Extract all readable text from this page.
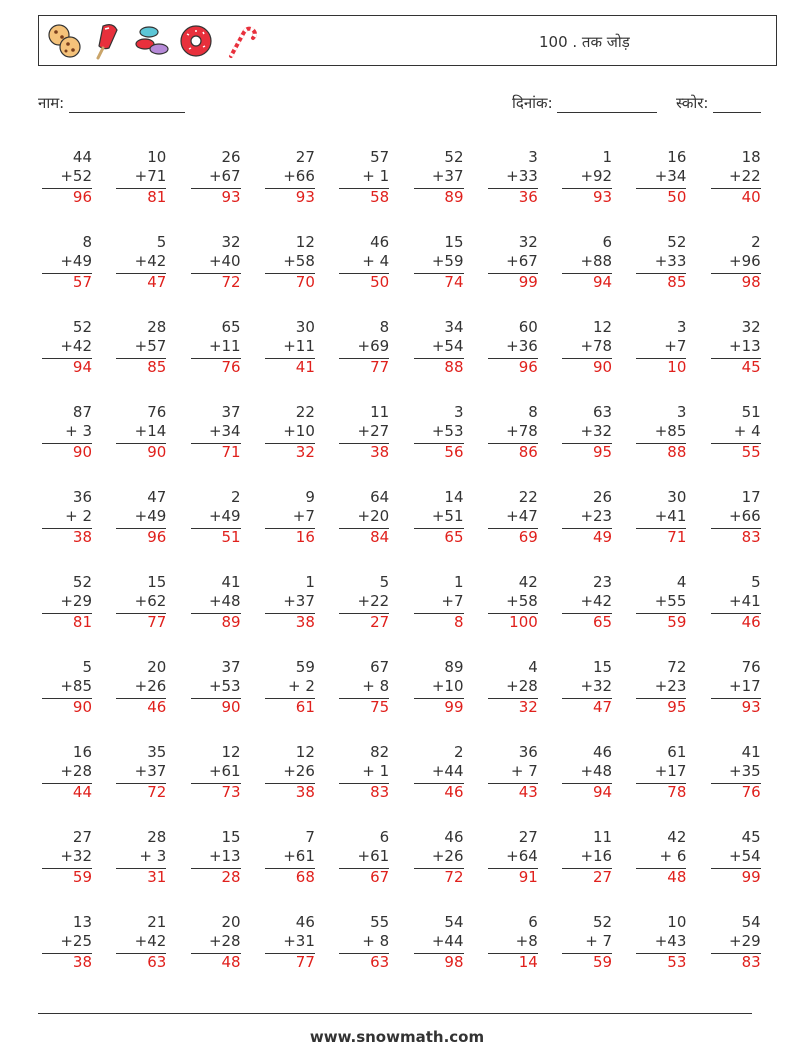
100 . तक जोड़
नाम:	दिनांक:	स्कोर:
44
+52
96
10
+71
81
26
+67
93
27
+66
93
57
+ 1
58
52
+37
89
3
+33
36
1
+92
93
16
+34
50
18
+22
40
8
+49
57
5
+42
47
32
+40
72
12
+58
70
46
+ 4
50
15
+59
74
32
+67
99
6
+88
94
52
+33
85
2
+96
98
52
+42
94
28
+57
85
65
+11
76
30
+11
41
8
+69
77
34
+54
88
60
+36
96
12
+78
90
3
+7
10
32
+13
45
87
+ 3
90
76
+14
90
37
+34
71
22
+10
32
11
+27
38
3
+53
56
8
+78
86
63
+32
95
3
+85
88
51
+ 4
55
36
+ 2
38
47
+49
96
2
+49
51
9
+7
16
64
+20
84
14
+51
65
22
+47
69
26
+23
49
30
+41
71
17
+66
83
52
+29
81
15
+62
77
41
+48
89
1
+37
38
5
+22
27
1
+7
8
42
+58
100
23
+42
65
4
+55
59
5
+41
46
5
+85
90
20
+26
46
37
+53
90
59
+ 2
61
67
+ 8
75
89
+10
99
4
+28
32
15
+32
47
72
+23
95
76
+17
93
16
+28
44
35
+37
72
12
+61
73
12
+26
38
82
+ 1
83
2
+44
46
36
+ 7
43
46
+48
94
61
+17
78
41
+35
76
27
+32
59
28
+ 3
31
15
+13
28
7
+61
68
6
+61
67
46
+26
72
27
+64
91
11
+16
27
42
+ 6
48
45
+54
99
13
+25
38
21
+42
63
20
+28
48
46
+31
77
55
+ 8
63
54
+44
98
6
+8
14
52
+ 7
59
10
+43
53
54
+29
83
www.snowmath.com
